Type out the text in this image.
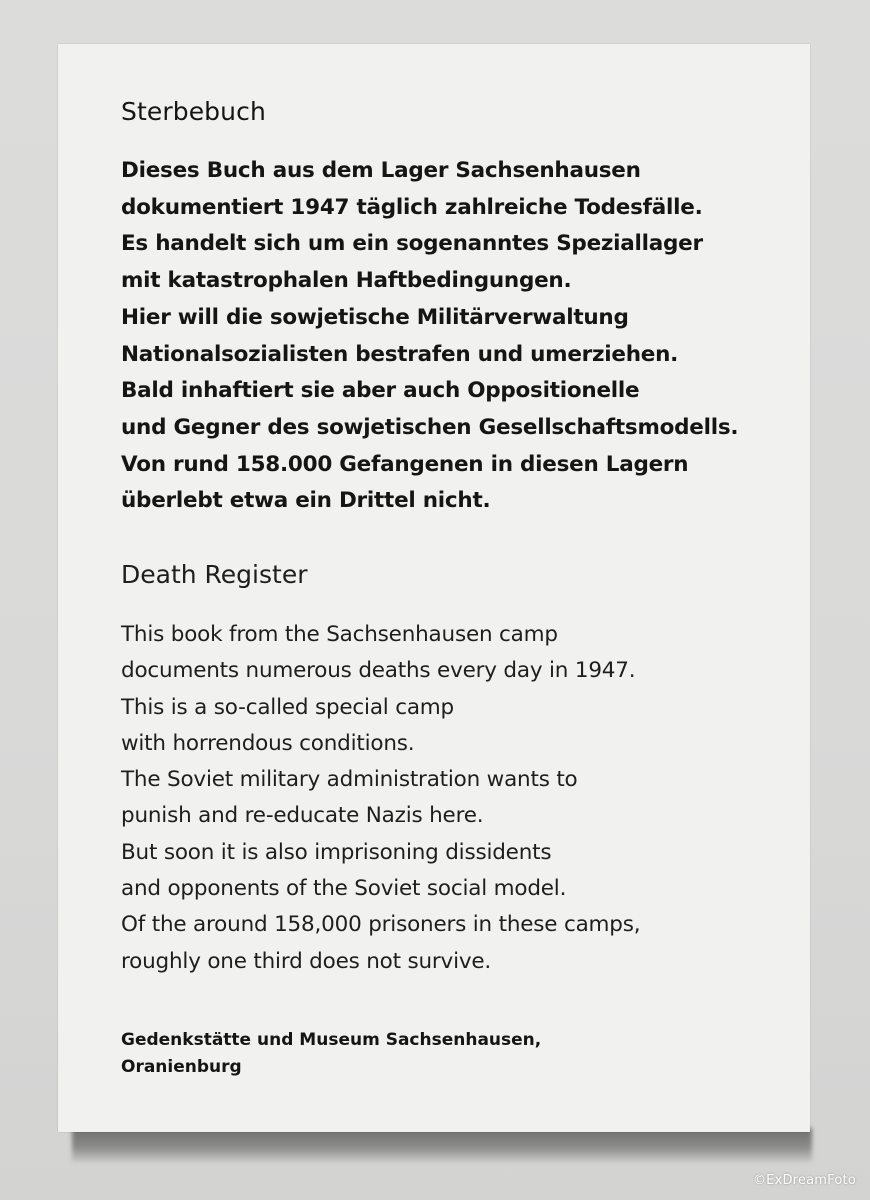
Sterbebuch
Dieses Buch aus dem Lager Sachsenhausen
dokumentiert 1947 täglich zahlreiche Todesfälle.
Es handelt sich um ein sogenanntes Speziallager
mit katastrophalen Haftbedingungen.
Hier will die sowjetische Militärverwaltung
Nationalsozialisten bestrafen und umerziehen.
Bald inhaftiert sie aber auch Oppositionelle
und Gegner des sowjetischen Gesellschaftsmodells.
Von rund 158.000 Gefangenen in diesen Lagern
überlebt etwa ein Drittel nicht.
Death Register
This book from the Sachsenhausen camp
documents numerous deaths every day in 1947.
This is a so-called special camp
with horrendous conditions.
The Soviet military administration wants to
punish and re-educate Nazis here.
But soon it is also imprisoning dissidents
and opponents of the Soviet social model.
Of the around 158,000 prisoners in these camps,
roughly one third does not survive.
Gedenkstätte und Museum Sachsenhausen,
Oranienburg
©ExDreamFoto
